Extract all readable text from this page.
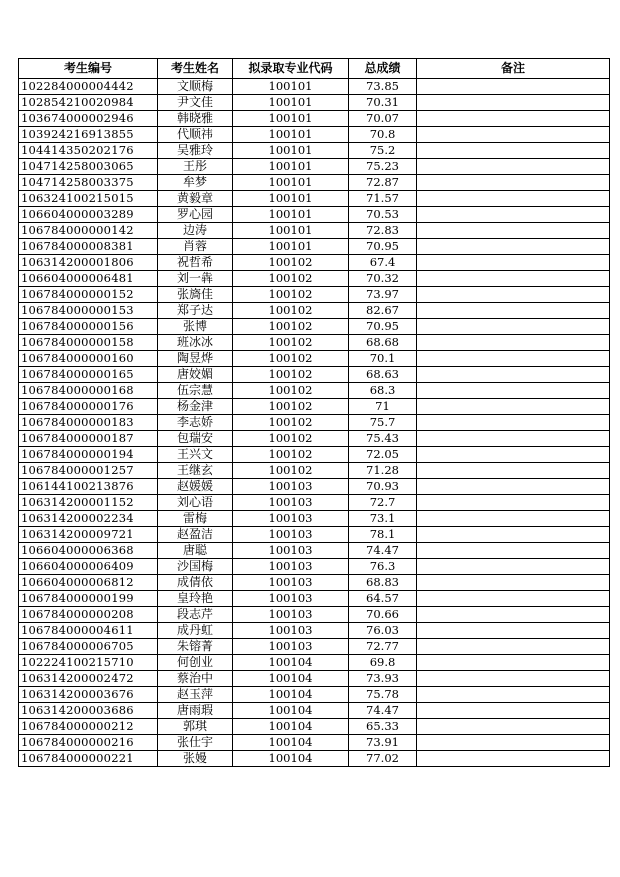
考生编号	考生姓名	拟录取专业代码	总成绩	备注
102284000004442	文顺梅	100101	73.85	
102854210020984	尹文佳	100101	70.31	
103674000002946	韩晓雅	100101	70.07	
103924216913855	代顺祎	100101	70.8	
104414350202176	吴雅玲	100101	75.2	
104714258003065	王彤	100101	75.23	
104714258003375	牟梦	100101	72.87	
106324100215015	黄毅章	100101	71.57	
106604000003289	罗心园	100101	70.53	
106784000000142	边涛	100101	72.83	
106784000008381	肖蓉	100101	70.95	
106314200001806	祝哲希	100102	67.4	
106604000006481	刘一犇	100102	70.32	
106784000000152	张旖佳	100102	73.97	
106784000000153	郑子达	100102	82.67	
106784000000156	张博	100102	70.95	
106784000000158	班冰冰	100102	68.68	
106784000000160	陶昱烨	100102	70.1	
106784000000165	唐姣媚	100102	68.63	
106784000000168	伍宗慧	100102	68.3	
106784000000176	杨金津	100102	71	
106784000000183	李志娇	100102	75.7	
106784000000187	包瑞安	100102	75.43	
106784000000194	王兴文	100102	72.05	
106784000001257	王继玄	100102	71.28	
106144100213876	赵媛媛	100103	70.93	
106314200001152	刘心语	100103	72.7	
106314200002234	雷梅	100103	73.1	
106314200009721	赵盈洁	100103	78.1	
106604000006368	唐聪	100103	74.47	
106604000006409	沙国梅	100103	76.3	
106604000006812	成倩依	100103	68.83	
106784000000199	皇玲艳	100103	64.57	
106784000000208	段志芹	100103	70.66	
106784000004611	成丹虹	100103	76.03	
106784000006705	朱镕菁	100103	72.77	
102224100215710	何创业	100104	69.8	
106314200002472	蔡治中	100104	73.93	
106314200003676	赵玉萍	100104	75.78	
106314200003686	唐雨瑕	100104	74.47	
106784000000212	郭琪	100104	65.33	
106784000000216	张仕宇	100104	73.91	
106784000000221	张嫚	100104	77.02	
